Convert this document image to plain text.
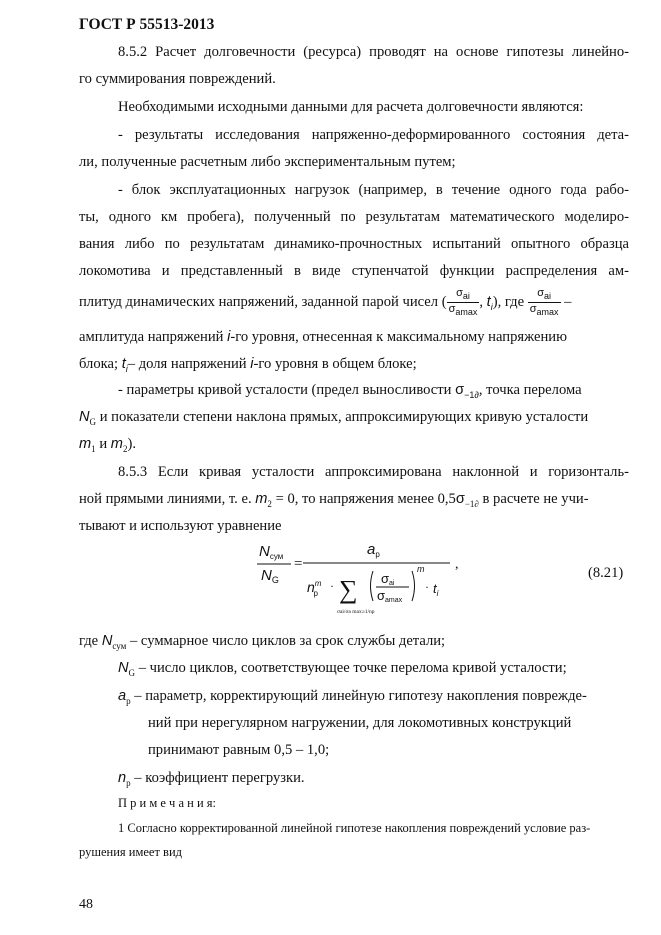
ГОСТ Р 55513-2013
8.5.2 Расчет долговечности (ресурса) проводят на основе гипотезы линейно-
го суммирования повреждений.
Необходимыми исходными данными для расчета долговечности являются:
- результаты исследования напряженно-деформированного состояния дета-
ли, полученные расчетным либо экспериментальным путем;
- блок эксплуатационных нагрузок (например, в течение одного года рабо-
ты, одного км пробега), полученный по результатам математического моделиро-
вания либо по результатам динамико-прочностных испытаний опытного образца
локомотива и представленный в виде ступенчатой функции распределения ам-
плитуд динамических напряжений, заданной парой чисел ( $\frac{\sigma_{ai}}{\sigma_{amax}}$ , $t_i$), где $\frac{\sigma_{ai}}{\sigma_{amax}}$ –
амплитуда напряжений i-го уровня, отнесенная к максимальному напряжению
блока; $t_i-$ доля напряжений i-го уровня в общем блоке;
- параметры кривой усталости (предел выносливости $\sigma_{-1\partial}$, точка перелома
$N_G$ и показатели степени наклона прямых, аппроксимирующих кривую усталости
$m_1$ и $m_2$).
8.5.3 Если кривая усталости аппроксимирована наклонной и горизонталь-
ной прямыми линиями, т. е. $m_2 = 0$, то напряжения менее $0,5\sigma_{-1\partial}$ в расчете не учи-
тывают и используют уравнение
$N_{сум}$
$N_G$
=
$a_p$
$n^m$ p
· ∑
σai/σa max≥1/np
σai
σamax
m
· $t_i$
,
(8.21)
где $N_{сум}$ – суммарное число циклов за срок службы детали;
$N_G$ – число циклов, соответствующее точке перелома кривой усталости;
$a_p$ – параметр, корректирующий линейную гипотезу накопления поврежде-
ний при нерегулярном нагружении, для локомотивных конструкций
принимают равным 0,5 – 1,0;
$n_p$ – коэффициент перегрузки.
П р и м е ч а н и я:
1 Согласно корректированной линейной гипотезе накопления повреждений условие раз-
рушения имеет вид
48
